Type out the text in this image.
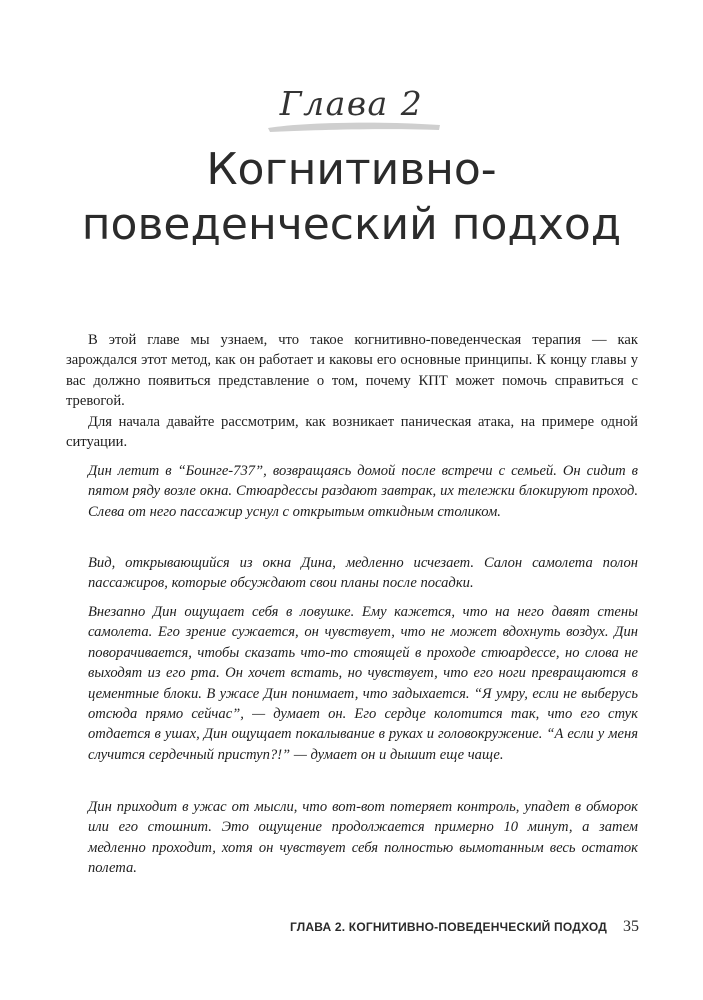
Глава 2
Когнитивно-
поведенческий подход

В этой главе мы узнаем, что такое когнитивно-поведенческая терапия — как зарождался этот метод, как он работает и каковы его основные принципы. К концу главы у вас должно появиться представление о том, почему КПТ может помочь справиться с тревогой.

Для начала давайте рассмотрим, как возникает паническая атака, на примере одной ситуации.

Дин летит в “Боинге-737”, возвращаясь домой после встречи с семьей. Он сидит в пятом ряду возле окна. Стюардессы раздают завтрак, их тележки блокируют проход. Слева от него пассажир уснул с открытым откидным столиком.

Вид, открывающийся из окна Дина, медленно исчезает. Салон самолета полон пассажиров, которые обсуждают свои планы после посадки.

Внезапно Дин ощущает себя в ловушке. Ему кажется, что на него давят стены самолета. Его зрение сужается, он чувствует, что не может вдохнуть воздух. Дин поворачивается, чтобы сказать что-то стоящей в проходе стюардессе, но слова не выходят из его рта. Он хочет встать, но чувствует, что его ноги превращаются в цементные блоки. В ужасе Дин понимает, что задыхается. “Я умру, если не выберусь отсюда прямо сейчас”, — думает он. Его сердце колотится так, что его стук отдается в ушах, Дин ощущает покалывание в руках и головокружение. “А если у меня случится сердечный приступ?!” — думает он и дышит еще чаще.

Дин приходит в ужас от мысли, что вот-вот потеряет контроль, упадет в обморок или его стошнит. Это ощущение продолжается примерно 10 минут, а затем медленно проходит, хотя он чувствует себя полностью вымотанным весь остаток полета.

ГЛАВА 2. КОГНИТИВНО-ПОВЕДЕНЧЕСКИЙ ПОДХОД 35
